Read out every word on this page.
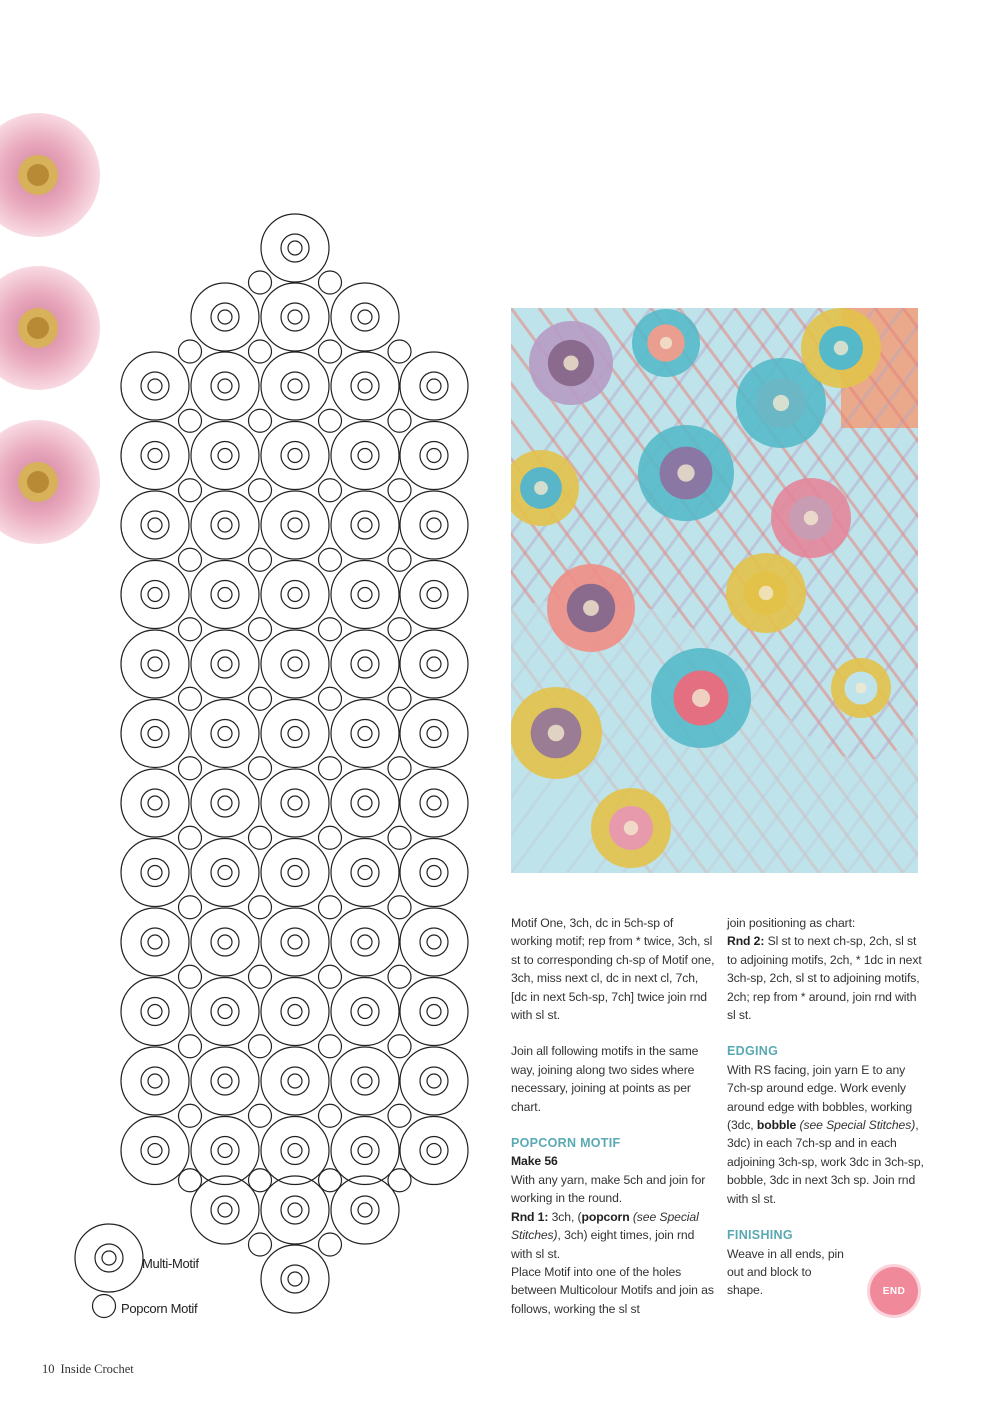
Multi-Motif
Popcorn Motif

Motif One, 3ch, dc in 5ch-sp of working motif; rep from * twice, 3ch, sl st to corresponding ch-sp of Motif one, 3ch, miss next cl, dc in next cl, 7ch, [dc in next 5ch-sp, 7ch] twice join rnd with sl st.

Join all following motifs in the same way, joining along two sides where necessary, joining at points as per chart.

POPCORN MOTIF

Make 56

With any yarn, make 5ch and join for working in the round.

Rnd 1: 3ch, (popcorn (see Special Stitches), 3ch) eight times, join rnd with sl st.

Place Motif into one of the holes between Multicolour Motifs and join as follows, working the sl st

join positioning as chart:

Rnd 2: Sl st to next ch-sp, 2ch, sl st to adjoining motifs, 2ch, * 1dc in next 3ch-sp, 2ch, sl st to adjoining motifs, 2ch; rep from * around, join rnd with sl st.

EDGING

With RS facing, join yarn E to any 7ch-sp around edge. Work evenly around edge with bobbles, working (3dc, bobble (see Special Stitches), 3dc) in each 7ch-sp and in each adjoining 3ch-sp, work 3dc in 3ch-sp, bobble, 3dc in next 3ch sp. Join rnd with sl st.

FINISHING

Weave in all ends, pin out and block to shape.	END
10 Inside Crochet
